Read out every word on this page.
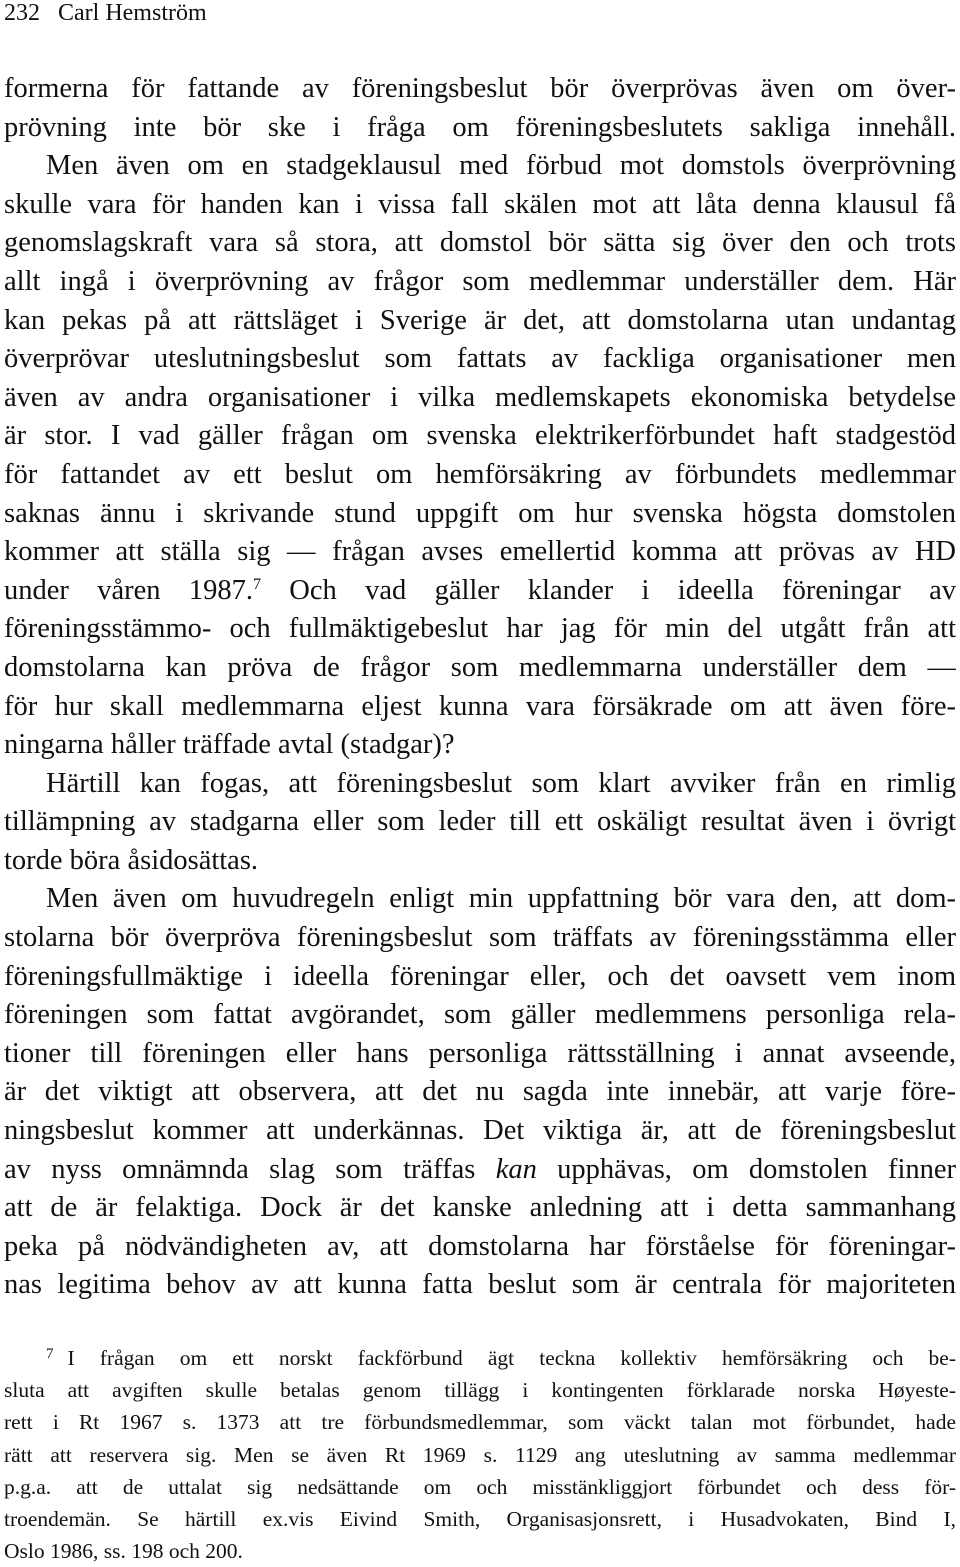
232 Carl Hemström
formerna för fattande av föreningsbeslut bör överprövas även om över-
prövning inte bör ske i fråga om föreningsbeslutets sakliga innehåll.
Men även om en stadgeklausul med förbud mot domstols överprövning
skulle vara för handen kan i vissa fall skälen mot att låta denna klausul få
genomslagskraft vara så stora, att domstol bör sätta sig över den och trots
allt ingå i överprövning av frågor som medlemmar underställer dem. Här
kan pekas på att rättsläget i Sverige är det, att domstolarna utan undantag
överprövar uteslutningsbeslut som fattats av fackliga organisationer men
även av andra organisationer i vilka medlemskapets ekonomiska betydelse
är stor. I vad gäller frågan om svenska elektrikerförbundet haft stadgestöd
för fattandet av ett beslut om hemförsäkring av förbundets medlemmar
saknas ännu i skrivande stund uppgift om hur svenska högsta domstolen
kommer att ställa sig — frågan avses emellertid komma att prövas av HD
under våren 1987.$^7$ Och vad gäller klander i ideella föreningar av
föreningsstämmo- och fullmäktigebeslut har jag för min del utgått från att
domstolarna kan pröva de frågor som medlemmarna underställer dem —
för hur skall medlemmarna eljest kunna vara försäkrade om att även före-
ningarna håller träffade avtal (stadgar)?
Härtill kan fogas, att föreningsbeslut som klart avviker från en rimlig
tillämpning av stadgarna eller som leder till ett oskäligt resultat även i övrigt
torde böra åsidosättas.
Men även om huvudregeln enligt min uppfattning bör vara den, att dom-
stolarna bör överpröva föreningsbeslut som träffats av föreningsstämma eller
föreningsfullmäktige i ideella föreningar eller, och det oavsett vem inom
föreningen som fattat avgörandet, som gäller medlemmens personliga rela-
tioner till föreningen eller hans personliga rättsställning i annat avseende,
är det viktigt att observera, att det nu sagda inte innebär, att varje före-
ningsbeslut kommer att underkännas. Det viktiga är, att de föreningsbeslut
av nyss omnämnda slag som träffas kan upphävas, om domstolen finner
att de är felaktiga. Dock är det kanske anledning att i detta sammanhang
peka på nödvändigheten av, att domstolarna har förståelse för föreningar-
nas legitima behov av att kunna fatta beslut som är centrala för majoriteten
$^7$ I frågan om ett norskt fackförbund ägt teckna kollektiv hemförsäkring och be-
sluta att avgiften skulle betalas genom tillägg i kontingenten förklarade norska Høyeste-
rett i Rt 1967 s. 1373 att tre förbundsmedlemmar, som väckt talan mot förbundet, hade
rätt att reservera sig. Men se även Rt 1969 s. 1129 ang uteslutning av samma medlemmar
p.g.a. att de uttalat sig nedsättande om och misstänkliggjort förbundet och dess för-
troendemän. Se härtill ex.vis Eivind Smith, Organisasjonsrett, i Husadvokaten, Bind I,
Oslo 1986, ss. 198 och 200.
